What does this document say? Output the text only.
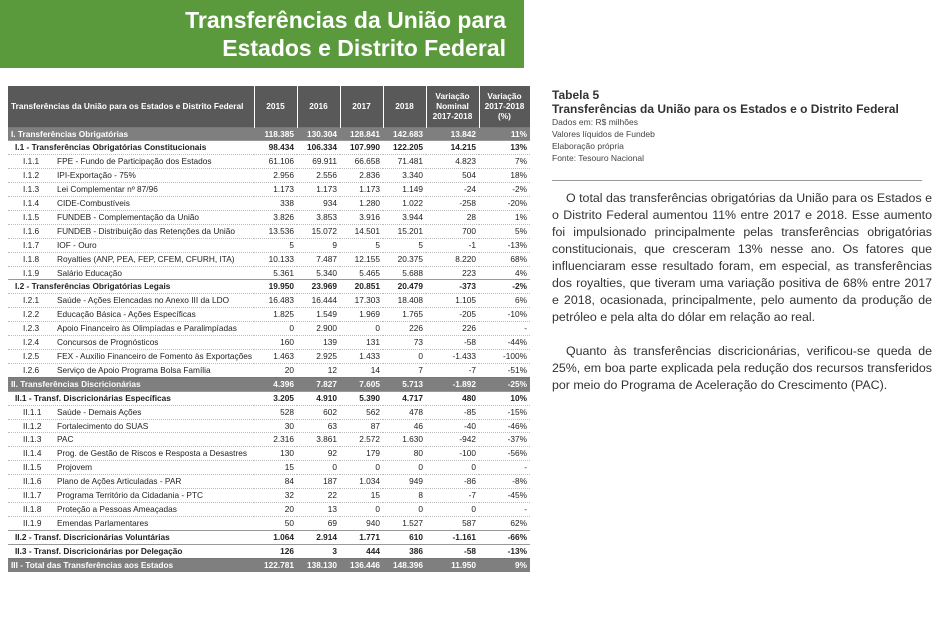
Transferências da União para
Estados e Distrito Federal
Transferências da União para os Estados e Distrito Federal	2015	2016	2017	2018	Variação Nominal 2017-2018	Variação 2017-2018 (%)
I. Transferências Obrigatórias	118.385	130.304	128.841	142.683	13.842	11%
I.1 - Transferências Obrigatórias Constitucionais	98.434	106.334	107.990	122.205	14.215	13%
I.1.1 FPE - Fundo de Participação dos Estados	61.106	69.911	66.658	71.481	4.823	7%
I.1.2 IPI-Exportação - 75%	2.956	2.556	2.836	3.340	504	18%
I.1.3 Lei Complementar nº 87/96	1.173	1.173	1.173	1.149	-24	-2%
I.1.4 CIDE-Combustíveis	338	934	1.280	1.022	-258	-20%
I.1.5 FUNDEB - Complementação da União	3.826	3.853	3.916	3.944	28	1%
I.1.6 FUNDEB - Distribuição das Retenções da União	13.536	15.072	14.501	15.201	700	5%
I.1.7 IOF - Ouro	5	9	5	5	-1	-13%
I.1.8 Royalties (ANP, PEA, FEP, CFEM, CFURH, ITA)	10.133	7.487	12.155	20.375	8.220	68%
I.1.9 Salário Educação	5.361	5.340	5.465	5.688	223	4%
I.2 - Transferências Obrigatórias Legais	19.950	23.969	20.851	20.479	-373	-2%
I.2.1 Saúde - Ações Elencadas no Anexo III da LDO	16.483	16.444	17.303	18.408	1.105	6%
I.2.2 Educação Básica - Ações Específicas	1.825	1.549	1.969	1.765	-205	-10%
I.2.3 Apoio Financeiro às Olimpíadas e Paralimpíadas	0	2.900	0	226	226	-
I.2.4 Concursos de Prognósticos	160	139	131	73	-58	-44%
I.2.5 FEX - Auxílio Financeiro de Fomento às Exportações	1.463	2.925	1.433	0	-1.433	-100%
I.2.6 Serviço de Apoio Programa Bolsa Família	20	12	14	7	-7	-51%
II. Transferências Discricionárias	4.396	7.827	7.605	5.713	-1.892	-25%
II.1 - Transf. Discricionárias Específicas	3.205	4.910	5.390	4.717	480	10%
II.1.1 Saúde - Demais Ações	528	602	562	478	-85	-15%
II.1.2 Fortalecimento do SUAS	30	63	87	46	-40	-46%
II.1.3 PAC	2.316	3.861	2.572	1.630	-942	-37%
II.1.4 Prog. de Gestão de Riscos e Resposta a Desastres	130	92	179	80	-100	-56%
II.1.5 Projovem	15	0	0	0	0	-
II.1.6 Plano de Ações Articuladas - PAR	84	187	1.034	949	-86	-8%
II.1.7 Programa Território da Cidadania - PTC	32	22	15	8	-7	-45%
II.1.8 Proteção a Pessoas Ameaçadas	20	13	0	0	0	-
II.1.9 Emendas Parlamentares	50	69	940	1.527	587	62%
II.2 - Transf. Discricionárias Voluntárias	1.064	2.914	1.771	610	-1.161	-66%
II.3 - Transf. Discricionárias por Delegação	126	3	444	386	-58	-13%
III - Total das Transferências aos Estados	122.781	138.130	136.446	148.396	11.950	9%
Tabela 5
Transferências da União para os Estados e o Distrito Federal
Dados em: R$ milhões
Valores líquidos de Fundeb
Elaboração própria
Fonte: Tesouro Nacional

O total das transferências obrigatórias da União para os Estados e o Distrito Federal aumentou 11% entre 2017 e 2018. Esse aumento foi impulsionado principalmente pelas transferências obrigatórias constitucionais, que cresceram 13% nesse ano. Os fatores que influenciaram esse resultado foram, em especial, as transferências dos royalties, que tiveram uma variação positiva de 68% entre 2017 e 2018, ocasionada, principalmente, pelo aumento da produção de petróleo e pela alta do dólar em relação ao real.

Quanto às transferências discricionárias, verificou-se queda de 25%, em boa parte explicada pela redução dos recursos transferidos por meio do Programa de Aceleração do Crescimento (PAC).
